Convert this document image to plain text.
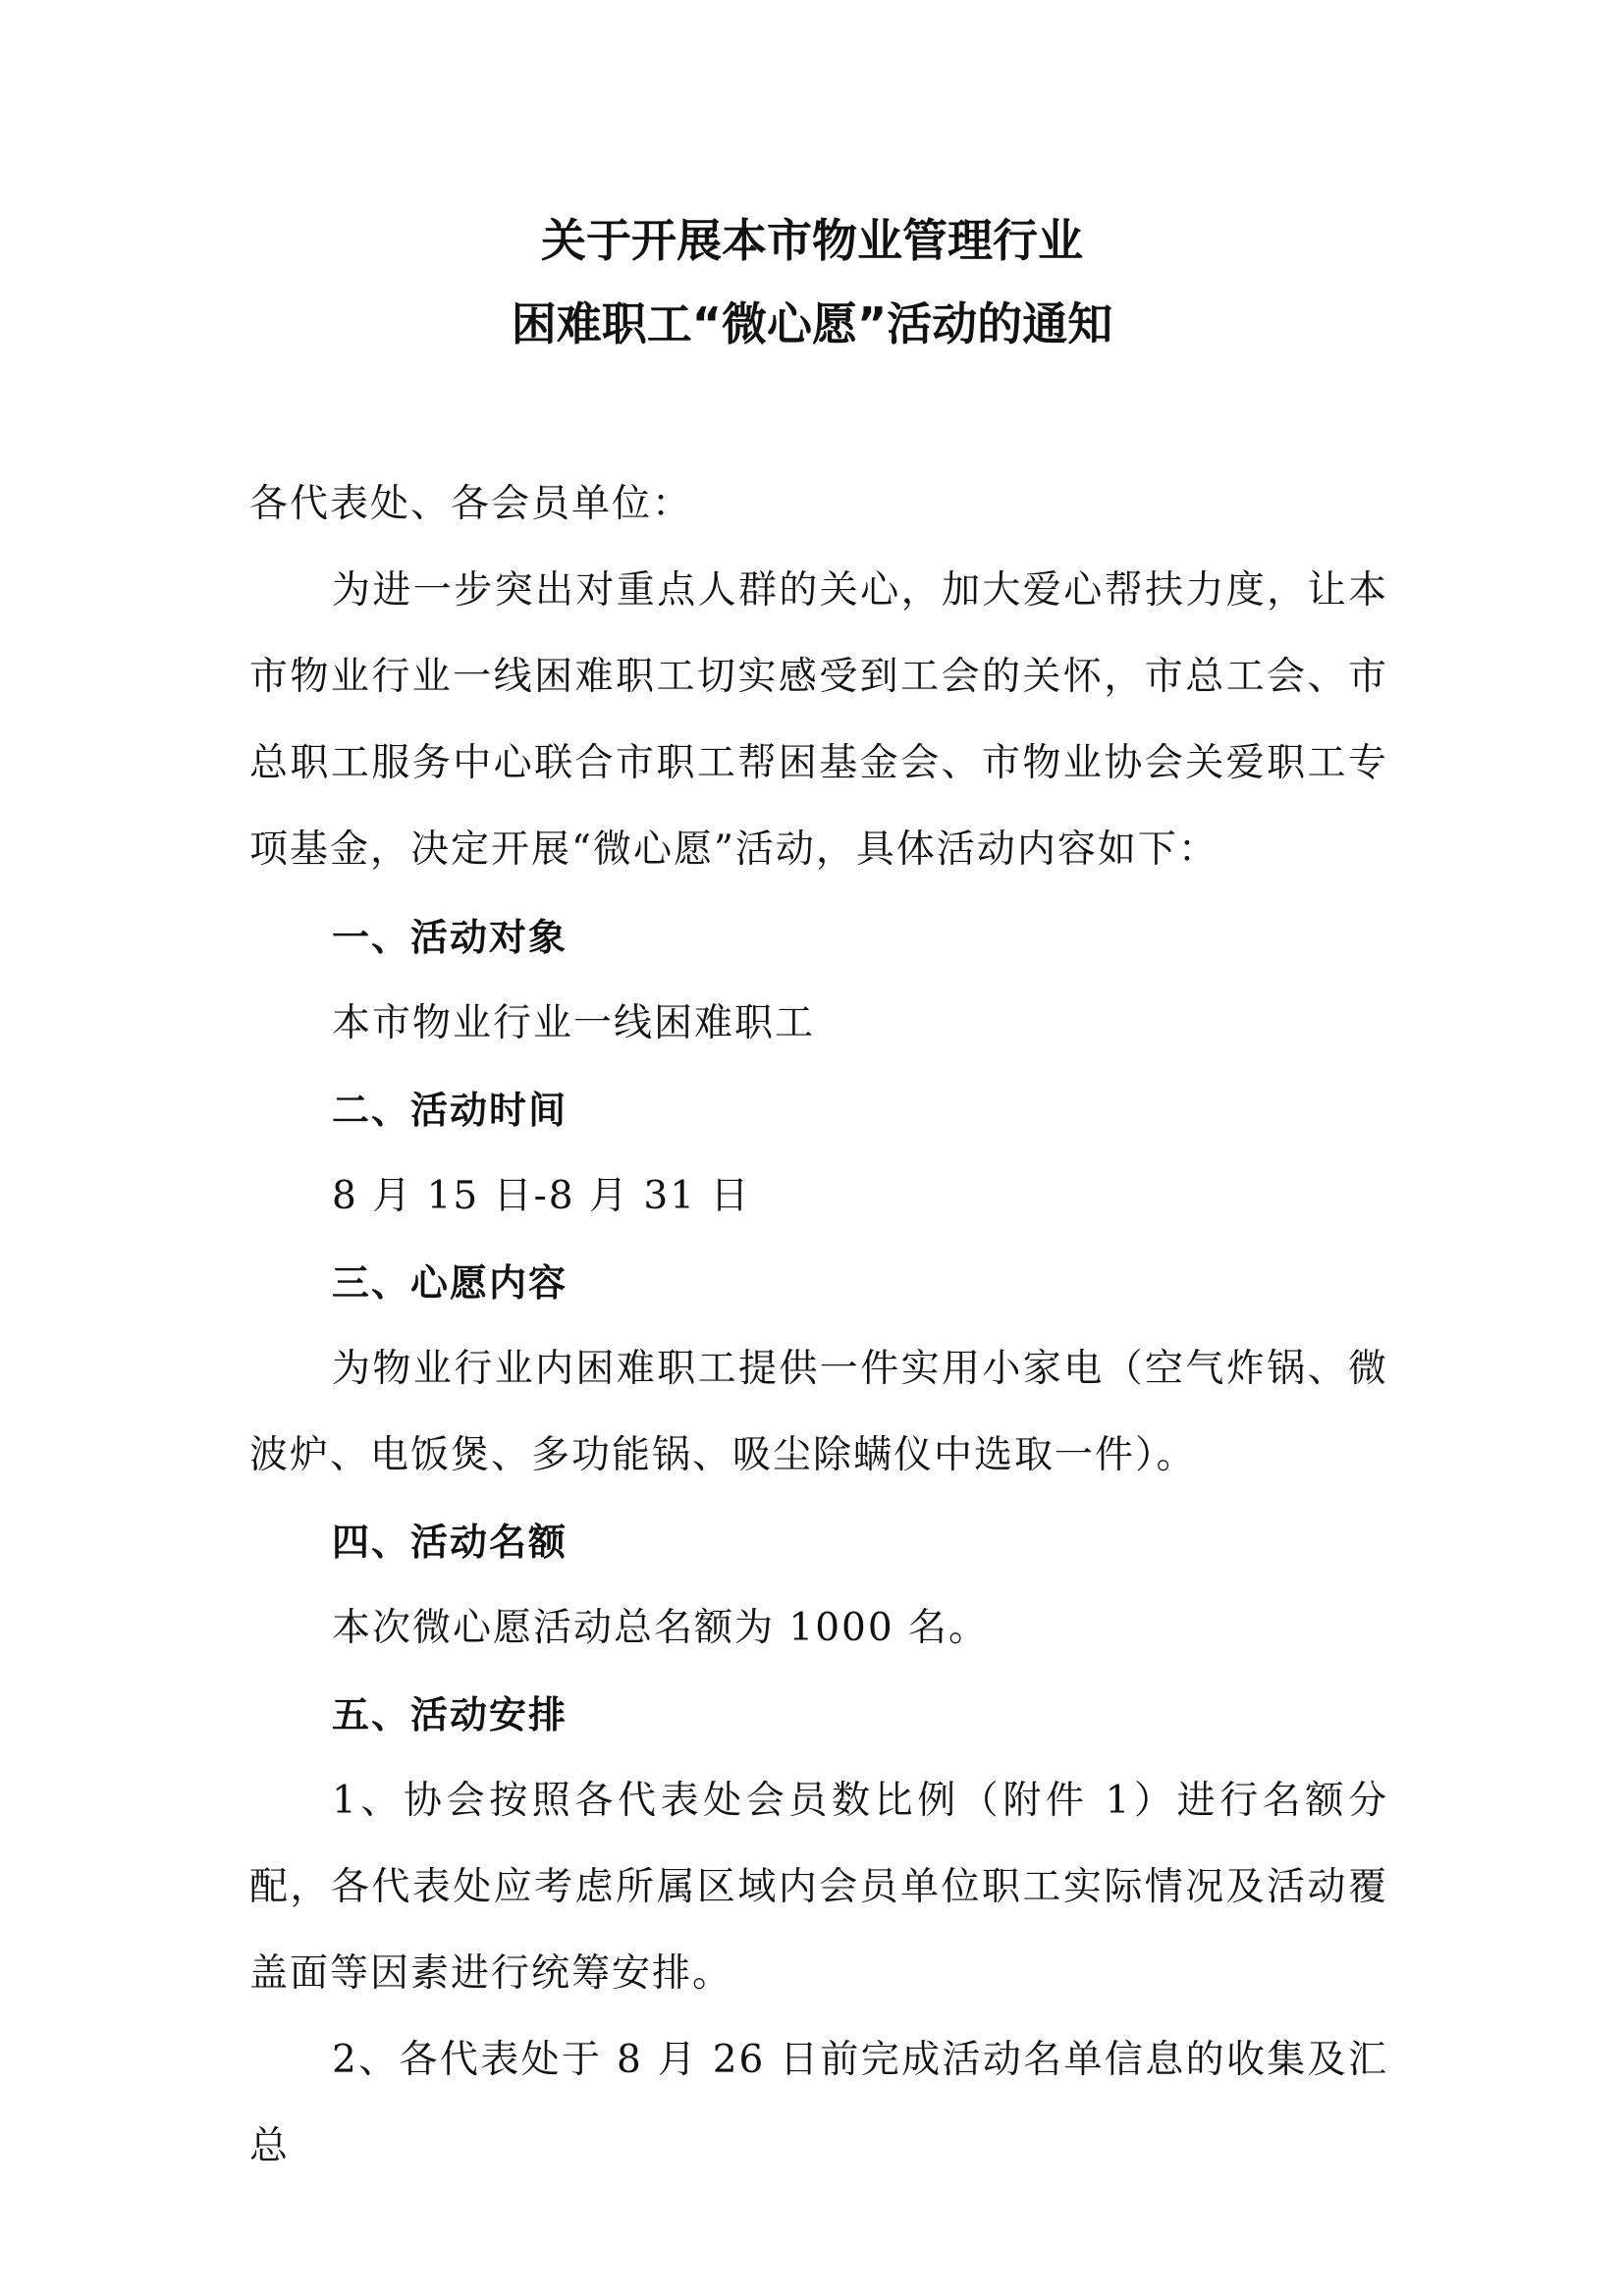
关于开展本市物业管理行业
困难职工“微心愿”活动的通知

各代表处、各会员单位：

为进一步突出对重点人群的关心，加大爱心帮扶力度，让本市物业行业一线困难职工切实感受到工会的关怀，市总工会、市总职工服务中心联合市职工帮困基金会、市物业协会关爱职工专项基金，决定开展“微心愿”活动，具体活动内容如下：

一、活动对象

本市物业行业一线困难职工

二、活动时间

8 月 15 日-8 月 31 日

三、心愿内容

为物业行业内困难职工提供一件实用小家电（空气炸锅、微波炉、电饭煲、多功能锅、吸尘除螨仪中选取一件）。

四、活动名额

本次微心愿活动总名额为 1000 名。

五、活动安排

1、协会按照各代表处会员数比例（附件 1）进行名额分配，各代表处应考虑所属区域内会员单位职工实际情况及活动覆盖面等因素进行统筹安排。

2、各代表处于 8 月 26 日前完成活动名单信息的收集及汇总
